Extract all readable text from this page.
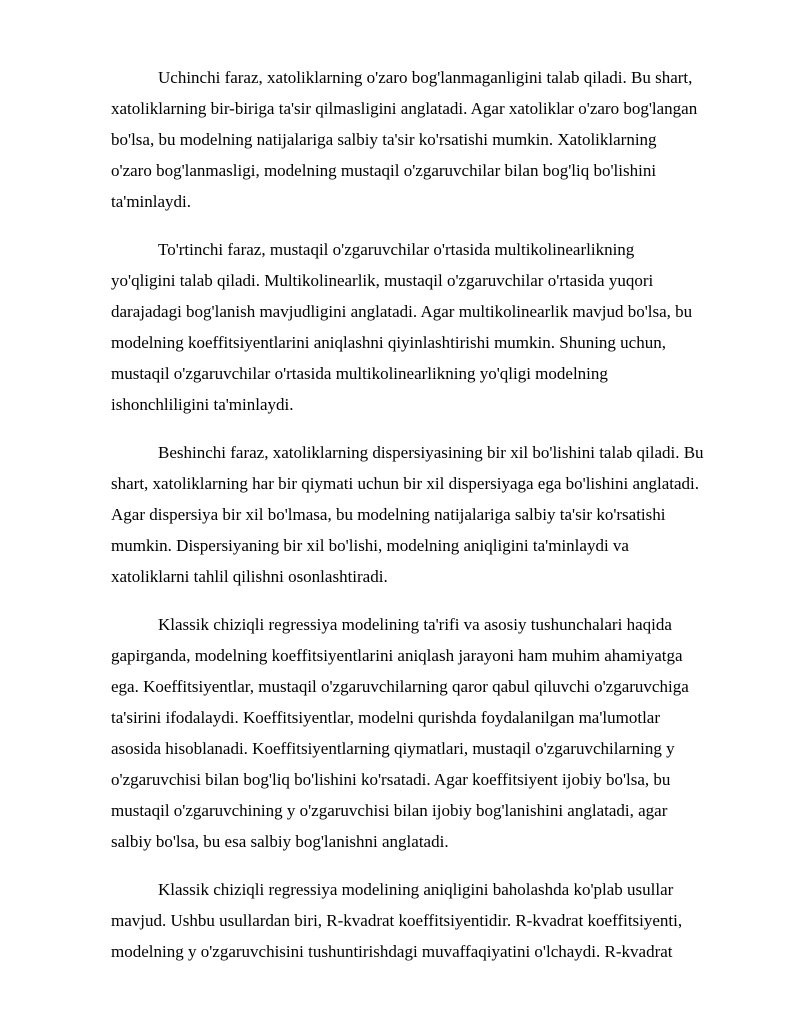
Uchinchi faraz, xatoliklarning o'zaro bog'lanmaganligini talab qiladi. Bu shart,
xatoliklarning bir-biriga ta'sir qilmasligini anglatadi. Agar xatoliklar o'zaro bog'langan
bo'lsa, bu modelning natijalariga salbiy ta'sir ko'rsatishi mumkin. Xatoliklarning
o'zaro bog'lanmasligi, modelning mustaqil o'zgaruvchilar bilan bog'liq bo'lishini
ta'minlaydi.

To'rtinchi faraz, mustaqil o'zgaruvchilar o'rtasida multikolinearlikning
yo'qligini talab qiladi. Multikolinearlik, mustaqil o'zgaruvchilar o'rtasida yuqori
darajadagi bog'lanish mavjudligini anglatadi. Agar multikolinearlik mavjud bo'lsa, bu
modelning koeffitsiyentlarini aniqlashni qiyinlashtirishi mumkin. Shuning uchun,
mustaqil o'zgaruvchilar o'rtasida multikolinearlikning yo'qligi modelning
ishonchliligini ta'minlaydi.

Beshinchi faraz, xatoliklarning dispersiyasining bir xil bo'lishini talab qiladi. Bu
shart, xatoliklarning har bir qiymati uchun bir xil dispersiyaga ega bo'lishini anglatadi.
Agar dispersiya bir xil bo'lmasa, bu modelning natijalariga salbiy ta'sir ko'rsatishi
mumkin. Dispersiyaning bir xil bo'lishi, modelning aniqligini ta'minlaydi va
xatoliklarni tahlil qilishni osonlashtiradi.

Klassik chiziqli regressiya modelining ta'rifi va asosiy tushunchalari haqida
gapirganda, modelning koeffitsiyentlarini aniqlash jarayoni ham muhim ahamiyatga
ega. Koeffitsiyentlar, mustaqil o'zgaruvchilarning qaror qabul qiluvchi o'zgaruvchiga
ta'sirini ifodalaydi. Koeffitsiyentlar, modelni qurishda foydalanilgan ma'lumotlar
asosida hisoblanadi. Koeffitsiyentlarning qiymatlari, mustaqil o'zgaruvchilarning y
o'zgaruvchisi bilan bog'liq bo'lishini ko'rsatadi. Agar koeffitsiyent ijobiy bo'lsa, bu
mustaqil o'zgaruvchining y o'zgaruvchisi bilan ijobiy bog'lanishini anglatadi, agar
salbiy bo'lsa, bu esa salbiy bog'lanishni anglatadi.

Klassik chiziqli regressiya modelining aniqligini baholashda ko'plab usullar
mavjud. Ushbu usullardan biri, R-kvadrat koeffitsiyentidir. R-kvadrat koeffitsiyenti,
modelning y o'zgaruvchisini tushuntirishdagi muvaffaqiyatini o'lchaydi. R-kvadrat
